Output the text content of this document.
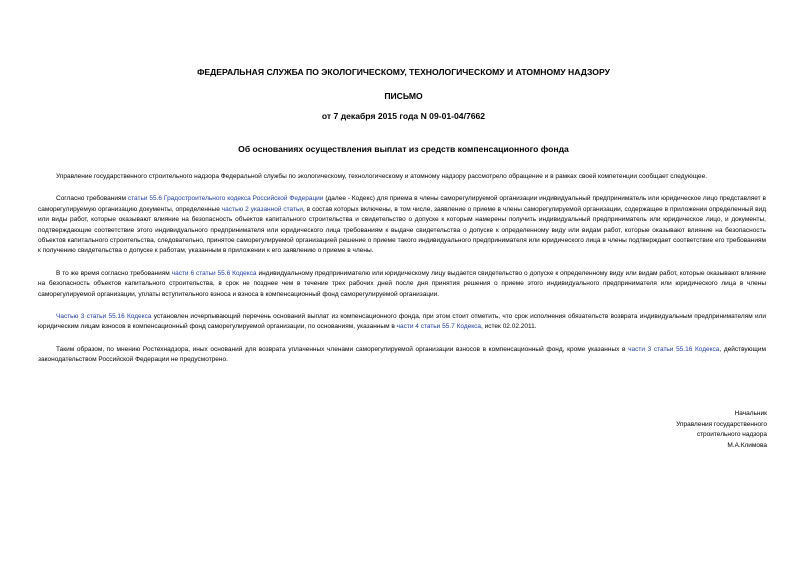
ФЕДЕРАЛЬНАЯ СЛУЖБА ПО ЭКОЛОГИЧЕСКОМУ, ТЕХНОЛОГИЧЕСКОМУ И АТОМНОМУ НАДЗОРУ
ПИСЬМО
от 7 декабря 2015 года N 09-01-04/7662
Об основаниях осуществления выплат из средств компенсационного фонда

Управление государственного строительного надзора Федеральной службы по экологическому, технологическому и атомному надзору рассмотрело обращение и в рамках своей компетенции сообщает следующее.

Согласно требованиям статьи 55.6 Градостроительного кодекса Российской Федерации (далее - Кодекс) для приема в члены саморегулируемой организации индивидуальный предприниматель или юридическое лицо представляет в саморегулируемую организацию документы, определенные частью 2 указанной статьи, в состав которых включены, в том числе, заявление о приеме в члены саморегулируемой организации, содержащее в приложении определенный вид или виды работ, которые оказывают влияние на безопасность объектов капитального строительства и свидетельство о допуске к которым намерены получить индивидуальный предприниматель или юридическое лицо, и документы, подтверждающие соответствие этого индивидуального предпринимателя или юридического лица требованиям к выдаче свидетельства о допуске к определенному виду или видам работ, которые оказывают влияние на безопасность объектов капитального строительства, следовательно, принятое саморегулируемой организацией решение о приеме такого индивидуального предпринимателя или юридического лица в члены подтверждает соответствие его требованиям к получению свидетельства о допуске к работам, указанным в приложении к его заявлению о приеме в члены.

В то же время согласно требованиям части 6 статьи 55.6 Кодекса индивидуальному предпринимателю или юридическому лицу выдается свидетельство о допуске к определенному виду или видам работ, которые оказывают влияние на безопасность объектов капитального строительства, в срок не позднее чем в течение трех рабочих дней после дня принятия решения о приеме этого индивидуального предпринимателя или юридического лица в члены саморегулируемой организации, уплаты вступительного взноса и взноса в компенсационный фонд саморегулируемой организации.

Частью 3 статьи 55.16 Кодекса установлен исчерпывающий перечень оснований выплат из компенсационного фонда, при этом стоит отметить, что срок исполнения обязательств возврата индивидуальным предпринимателям или юридическим лицам взносов в компенсационный фонд саморегулируемой организации, по основаниям, указанным в части 4 статьи 55.7 Кодекса, истек 02.02.2011.

Таким образом, по мнению Ростехнадзора, иных оснований для возврата уплаченных членами саморегулируемой организации взносов в компенсационный фонд, кроме указанных в части 3 статьи 55.16 Кодекса, действующим законодательством Российской Федерации не предусмотрено.

Начальник
Управления государственного
строительного надзора
М.А.Климова
